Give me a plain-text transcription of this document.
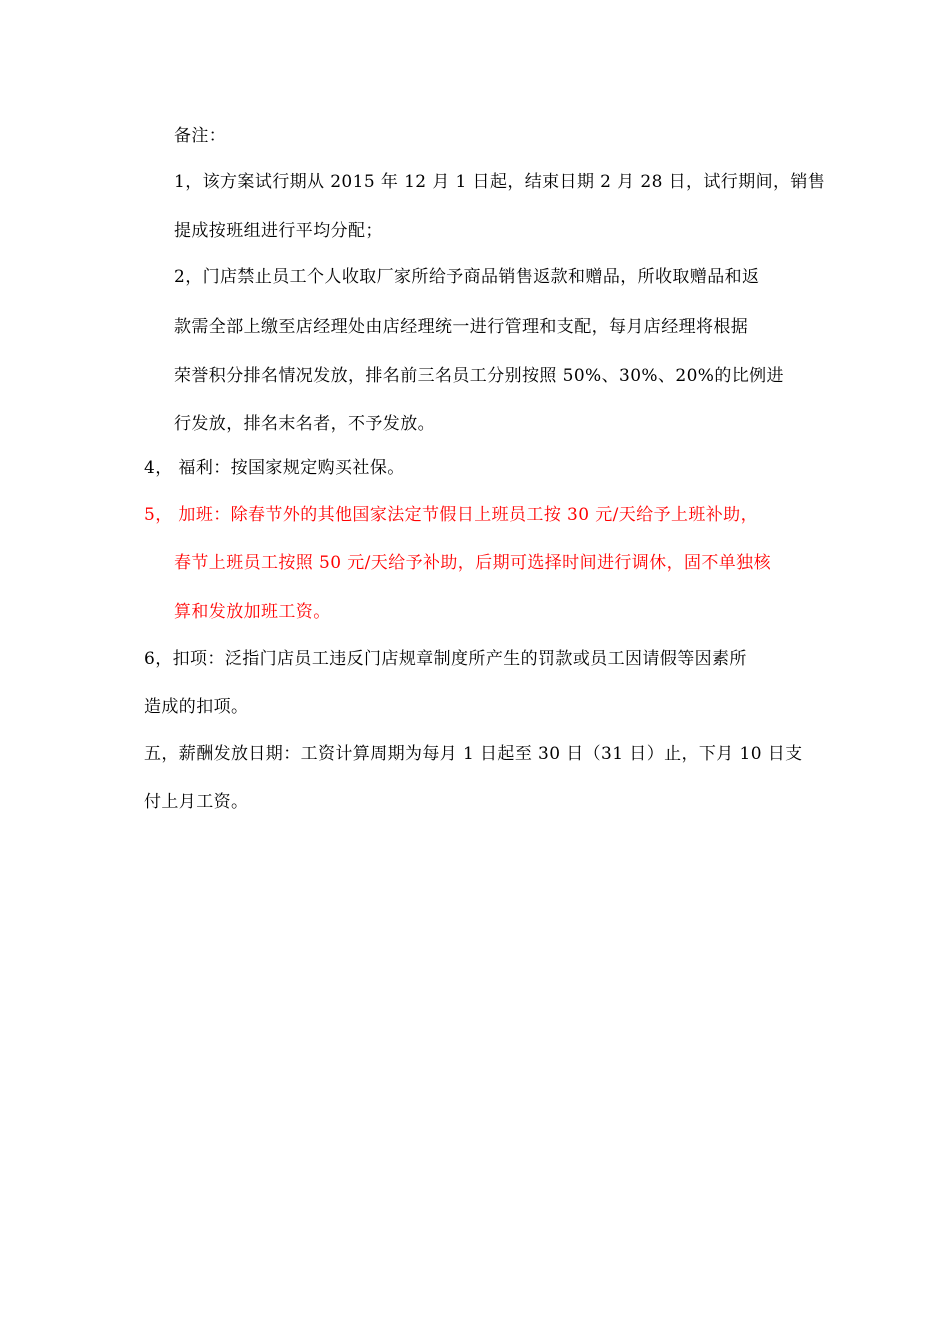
备注：
1，该方案试行期从 2015 年 12 月 1 日起，结束日期 2 月 28 日，试行期间，销售
提成按班组进行平均分配；
2，门店禁止员工个人收取厂家所给予商品销售返款和赠品，所收取赠品和返
款需全部上缴至店经理处由店经理统一进行管理和支配，每月店经理将根据
荣誉积分排名情况发放，排名前三名员工分别按照 50%、30%、20%的比例进
行发放，排名末名者，不予发放。
4， 福利：按国家规定购买社保。
5， 加班：除春节外的其他国家法定节假日上班员工按 30 元/天给予上班补助，
春节上班员工按照 50 元/天给予补助，后期可选择时间进行调休，固不单独核
算和发放加班工资。
6，扣项：泛指门店员工违反门店规章制度所产生的罚款或员工因请假等因素所
造成的扣项。
五，薪酬发放日期：工资计算周期为每月 1 日起至 30 日（31 日）止，下月 10 日支
付上月工资。
